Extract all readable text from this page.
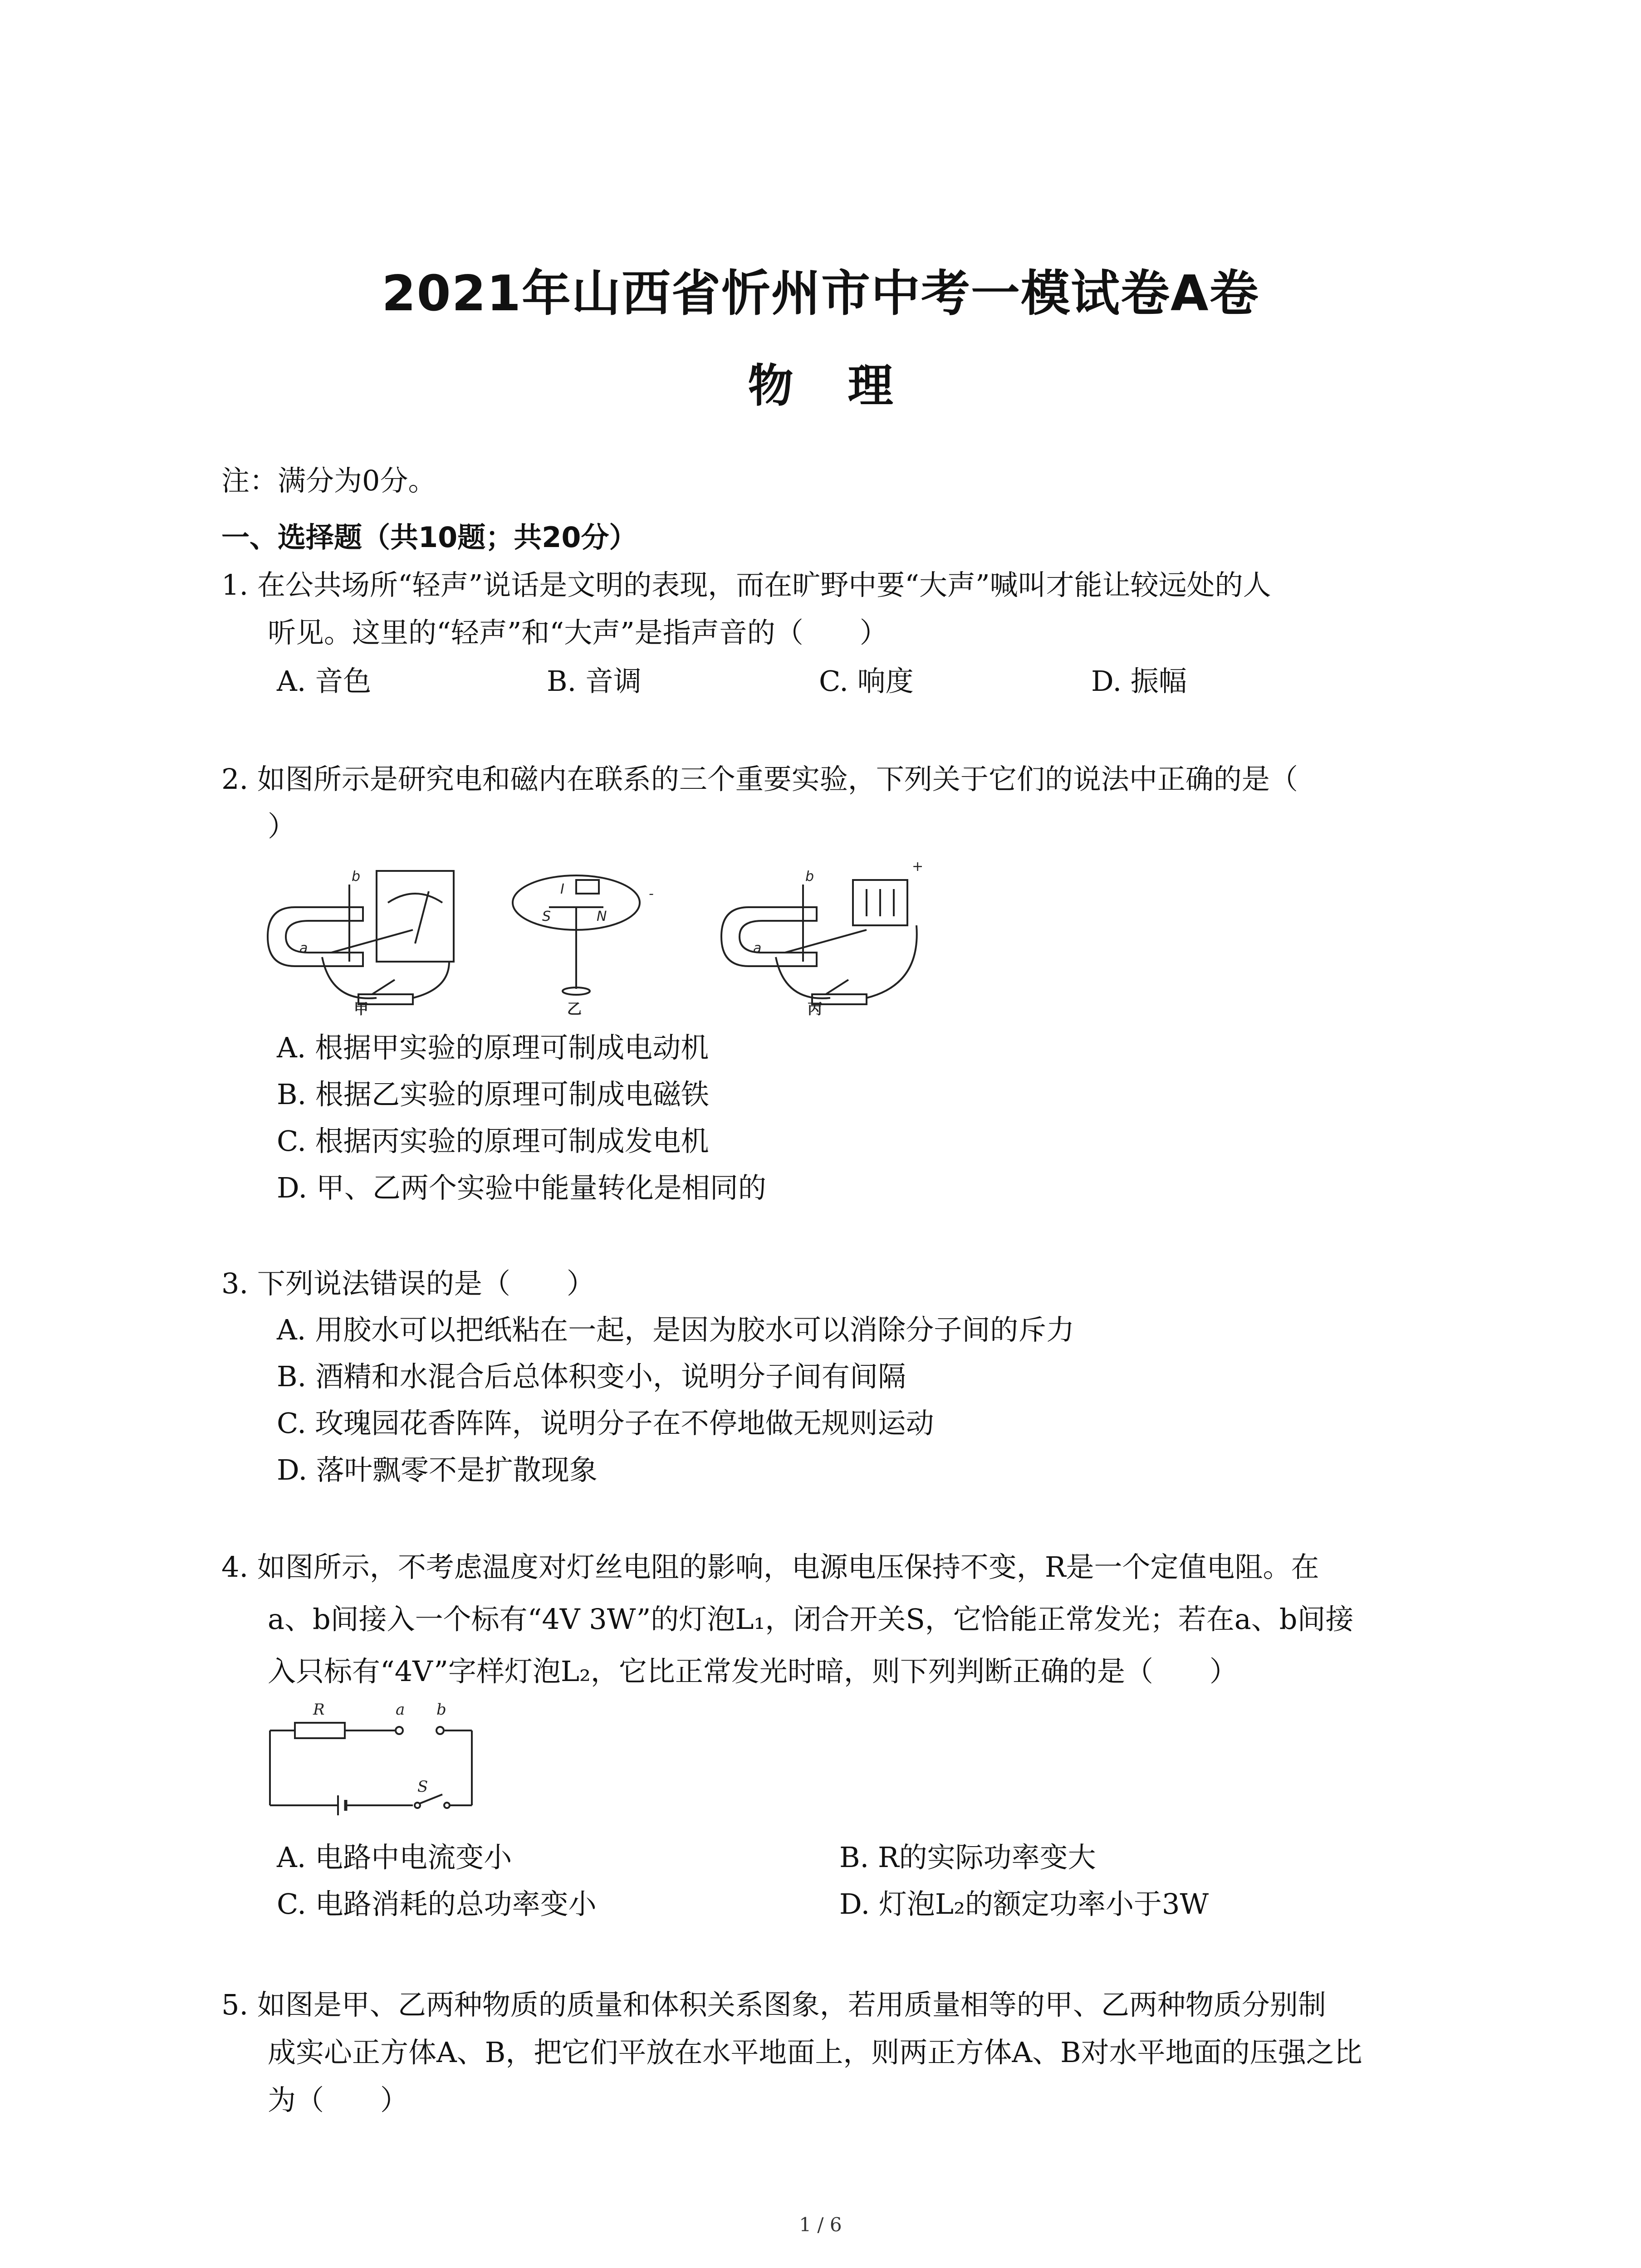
2021年山西省忻州市中考一模试卷A卷
物理
注：满分为0分。
一、选择题（共10题；共20分）
1. 在公共场所“轻声”说话是文明的表现，而在旷野中要“大声”喊叫才能让较远处的人
听见。这里的“轻声”和“大声”是指声音的（　　）
A. 音色	B. 音调	C. 响度	D. 振幅
2. 如图所示是研究电和磁内在联系的三个重要实验，下列关于它们的说法中正确的是（
）
b
a
I
S	N
-
b
a
+
甲	乙	丙
A. 根据甲实验的原理可制成电动机
B. 根据乙实验的原理可制成电磁铁
C. 根据丙实验的原理可制成发电机
D. 甲、乙两个实验中能量转化是相同的
3. 下列说法错误的是（　　）
A. 用胶水可以把纸粘在一起，是因为胶水可以消除分子间的斥力
B. 酒精和水混合后总体积变小，说明分子间有间隔
C. 玫瑰园花香阵阵，说明分子在不停地做无规则运动
D. 落叶飘零不是扩散现象
4. 如图所示，不考虑温度对灯丝电阻的影响，电源电压保持不变，R是一个定值电阻。在
a、b间接入一个标有“4V 3W”的灯泡L₁，闭合开关S，它恰能正常发光；若在a、b间接
入只标有“4V”字样灯泡L₂，它比正常发光时暗，则下列判断正确的是（　　）
R	a b
S
A. 电路中电流变小	B. R的实际功率变大
C. 电路消耗的总功率变小	D. 灯泡L₂的额定功率小于3W
5. 如图是甲、乙两种物质的质量和体积关系图象，若用质量相等的甲、乙两种物质分别制
成实心正方体A、B，把它们平放在水平地面上，则两正方体A、B对水平地面的压强之比
为（　　）
1 / 6
